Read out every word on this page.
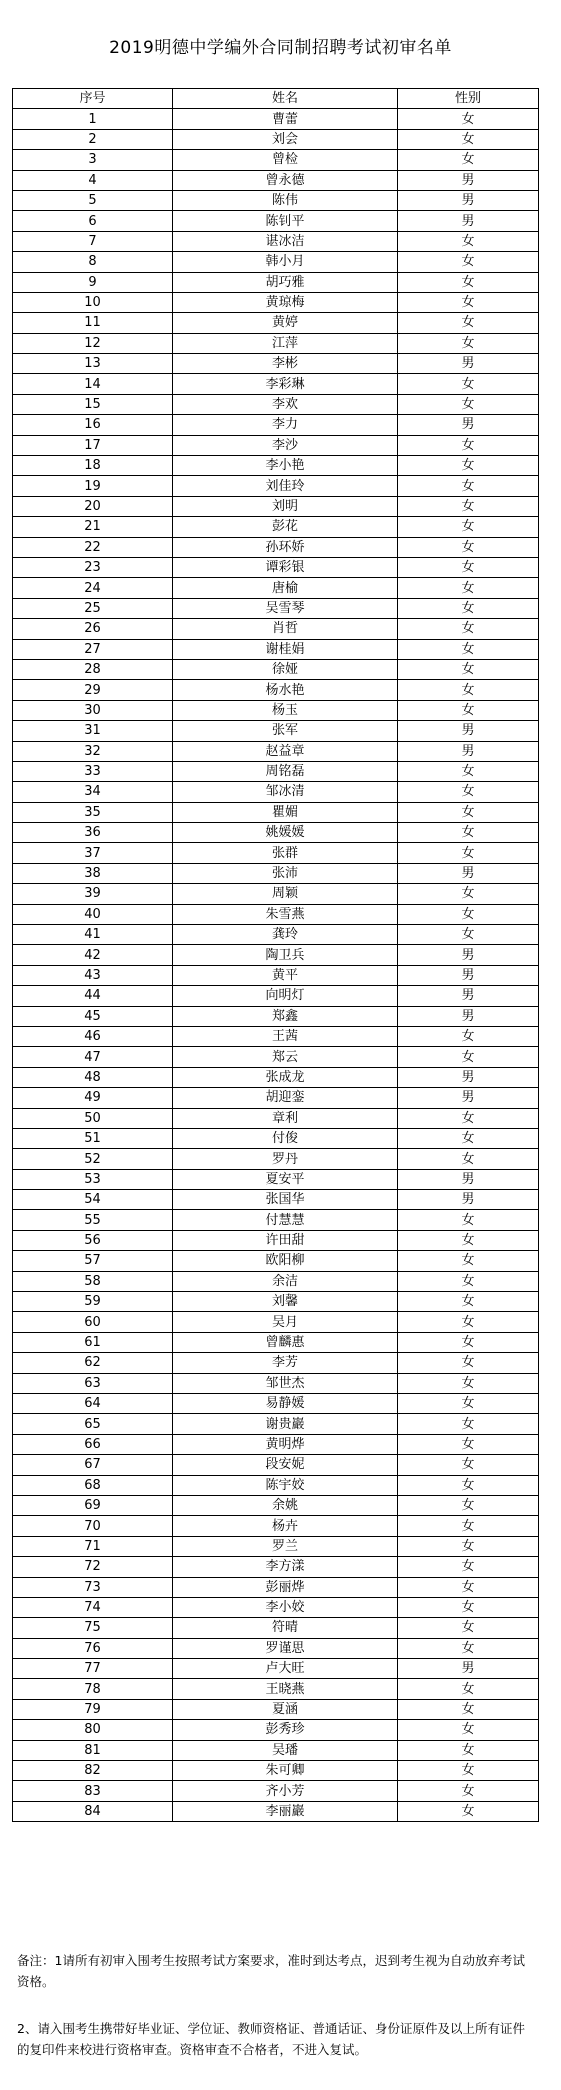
2019明德中学编外合同制招聘考试初审名单
序号	姓名	性别
1	曹蕾	女
2	刘会	女
3	曾检	女
4	曾永德	男
5	陈伟	男
6	陈钊平	男
7	谌冰洁	女
8	韩小月	女
9	胡巧雅	女
10	黄琼梅	女
11	黄婷	女
12	江萍	女
13	李彬	男
14	李彩琳	女
15	李欢	女
16	李力	男
17	李沙	女
18	李小艳	女
19	刘佳玲	女
20	刘明	女
21	彭花	女
22	孙环娇	女
23	谭彩银	女
24	唐榆	女
25	吴雪琴	女
26	肖哲	女
27	谢桂娟	女
28	徐娅	女
29	杨水艳	女
30	杨玉	女
31	张军	男
32	赵益章	男
33	周铭磊	女
34	邹冰清	女
35	瞿媚	女
36	姚媛媛	女
37	张群	女
38	张沛	男
39	周颖	女
40	朱雪燕	女
41	龚玲	女
42	陶卫兵	男
43	黄平	男
44	向明灯	男
45	郑鑫	男
46	王茜	女
47	郑云	女
48	张成龙	男
49	胡迎銮	男
50	章利	女
51	付俊	女
52	罗丹	女
53	夏安平	男
54	张国华	男
55	付慧慧	女
56	许田甜	女
57	欧阳柳	女
58	余洁	女
59	刘馨	女
60	吴月	女
61	曾麟惠	女
62	李芳	女
63	邹世杰	女
64	易静媛	女
65	谢贵巖	女
66	黄明烨	女
67	段安妮	女
68	陈宇姣	女
69	余姚	女
70	杨卉	女
71	罗兰	女
72	李方漾	女
73	彭丽烨	女
74	李小姣	女
75	符晴	女
76	罗谨思	女
77	卢大旺	男
78	王晓燕	女
79	夏涵	女
80	彭秀珍	女
81	吴璠	女
82	朱可卿	女
83	齐小芳	女
84	李丽巖	女

备注：1请所有初审入围考生按照考试方案要求，准时到达考点，迟到考生视为自动放弃考试资格。

2、请入围考生携带好毕业证、学位证、教师资格证、普通话证、身份证原件及以上所有证件的复印件来校进行资格审查。资格审查不合格者，不进入复试。
